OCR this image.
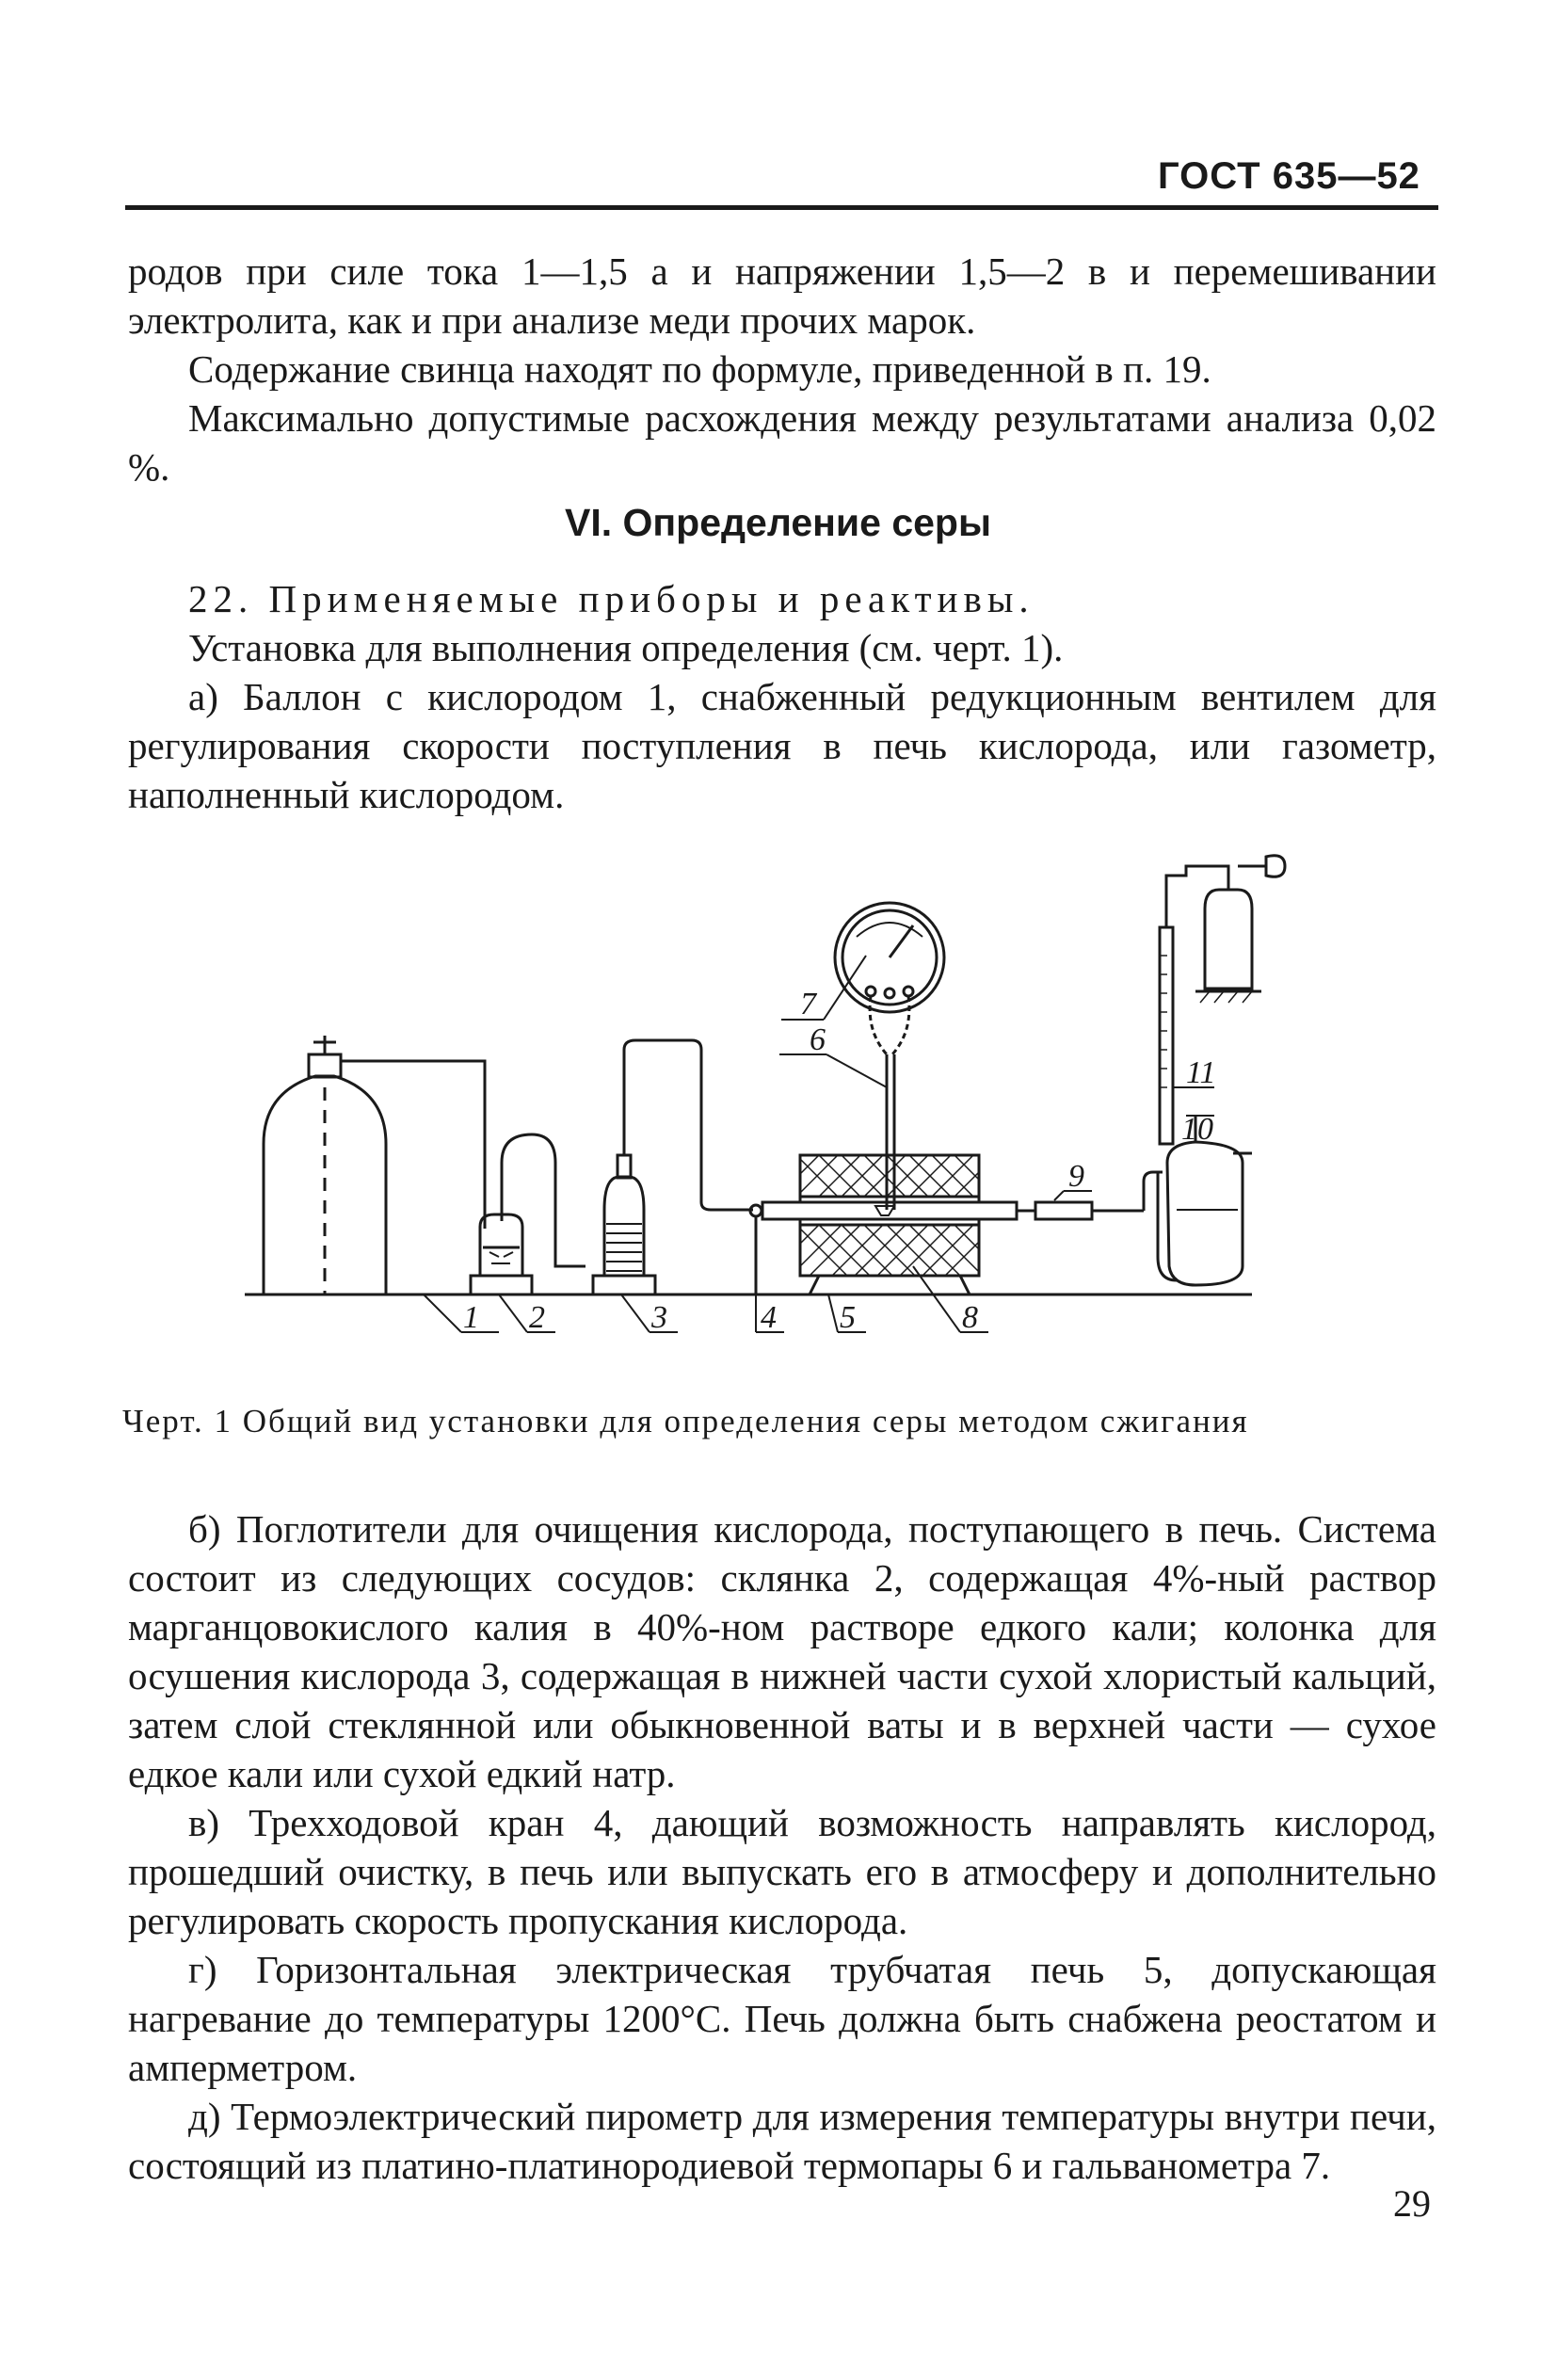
ГОСТ 635—52

родов при силе тока 1—1,5 а и напряжении 1,5—2 в и перемешивании электролита, как и при анализе меди прочих марок.

Содержание свинца находят по формуле, приведенной в п. 19.

Максимально допустимые расхождения между результатами анализа 0,02 %.

VI. Определение серы

22. Применяемые приборы и реактивы.

Установка для выполнения определения (см. черт. 1).

а) Баллон с кислородом 1, снабженный редукционным вентилем для регулирования скорости поступления в печь кислорода, или газометр, наполненный кислородом.

1 2	3	4 5
6
7
8
9
10
11
Черт. 1 Общий вид установки для определения серы методом сжигания

б) Поглотители для очищения кислорода, поступающего в печь. Система состоит из следующих сосудов: склянка 2, содержащая 4%-ный раствор марганцовокислого калия в 40%-ном растворе едкого кали; колонка для осушения кислорода 3, содержащая в нижней части сухой хлористый кальций, затем слой стеклянной или обыкновенной ваты и в верхней части — сухое едкое кали или сухой едкий натр.

в) Трехходовой кран 4, дающий возможность направлять кислород, прошедший очистку, в печь или выпускать его в атмосферу и дополнительно регулировать скорость пропускания кислорода.

г) Горизонтальная электрическая трубчатая печь 5, допускающая нагревание до температуры 1200°С. Печь должна быть снабжена реостатом и амперметром.

д) Термоэлектрический пирометр для измерения температуры внутри печи, состоящий из платино-платинородиевой термопары 6 и гальванометра 7.

29
